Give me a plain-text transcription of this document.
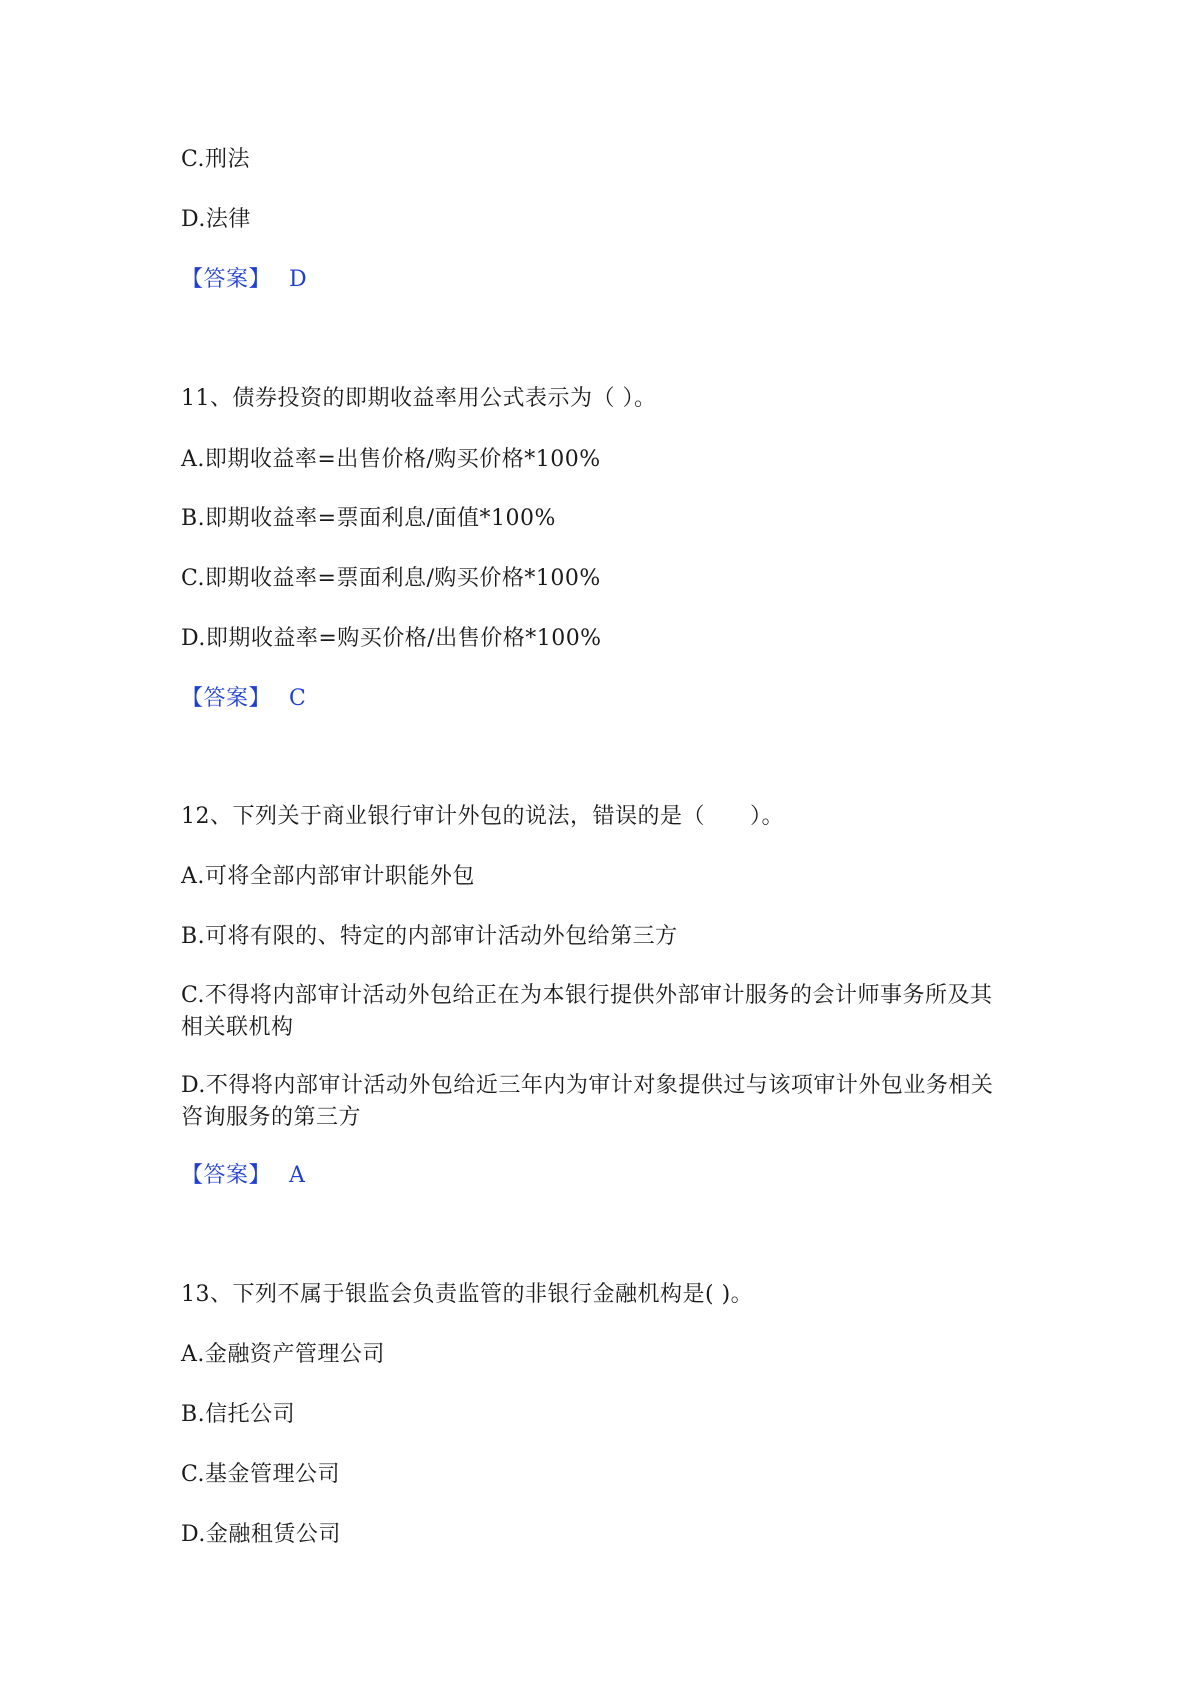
C.刑法
D.法律
【答案】 D
11、债券投资的即期收益率用公式表示为（ ）。
A.即期收益率=出售价格/购买价格*100%
B.即期收益率=票面利息/面值*100%
C.即期收益率=票面利息/购买价格*100%
D.即期收益率=购买价格/出售价格*100%
【答案】 C
12、下列关于商业银行审计外包的说法，错误的是（　　）。
A.可将全部内部审计职能外包
B.可将有限的、特定的内部审计活动外包给第三方
C.不得将内部审计活动外包给正在为本银行提供外部审计服务的会计师事务所及其相关联机构
D.不得将内部审计活动外包给近三年内为审计对象提供过与该项审计外包业务相关咨询服务的第三方
【答案】 A
13、下列不属于银监会负责监管的非银行金融机构是( )。
A.金融资产管理公司
B.信托公司
C.基金管理公司
D.金融租赁公司
